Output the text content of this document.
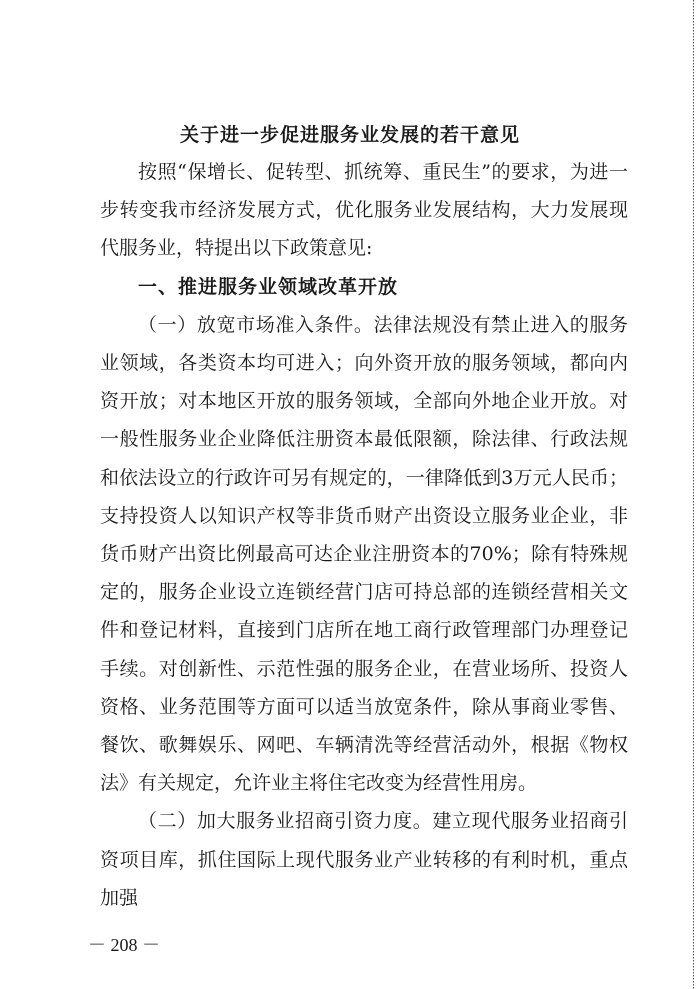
关于进一步促进服务业发展的若干意见

按照“保增长、促转型、抓统筹、重民生”的要求，为进一步转变我市经济发展方式，优化服务业发展结构，大力发展现代服务业，特提出以下政策意见:

一、推进服务业领域改革开放

（一）放宽市场准入条件。法律法规没有禁止进入的服务业领域，各类资本均可进入；向外资开放的服务领域，都向内资开放；对本地区开放的服务领域，全部向外地企业开放。对一般性服务业企业降低注册资本最低限额，除法律、行政法规和依法设立的行政许可另有规定的，一律降低到3万元人民币；支持投资人以知识产权等非货币财产出资设立服务业企业，非货币财产出资比例最高可达企业注册资本的70%；除有特殊规定的，服务企业设立连锁经营门店可持总部的连锁经营相关文件和登记材料，直接到门店所在地工商行政管理部门办理登记手续。对创新性、示范性强的服务企业，在营业场所、投资人资格、业务范围等方面可以适当放宽条件，除从事商业零售、餐饮、歌舞娱乐、网吧、车辆清洗等经营活动外，根据《物权法》有关规定，允许业主将住宅改变为经营性用房。

（二）加大服务业招商引资力度。建立现代服务业招商引资项目库，抓住国际上现代服务业产业转移的有利时机，重点加强

－ 208 －
